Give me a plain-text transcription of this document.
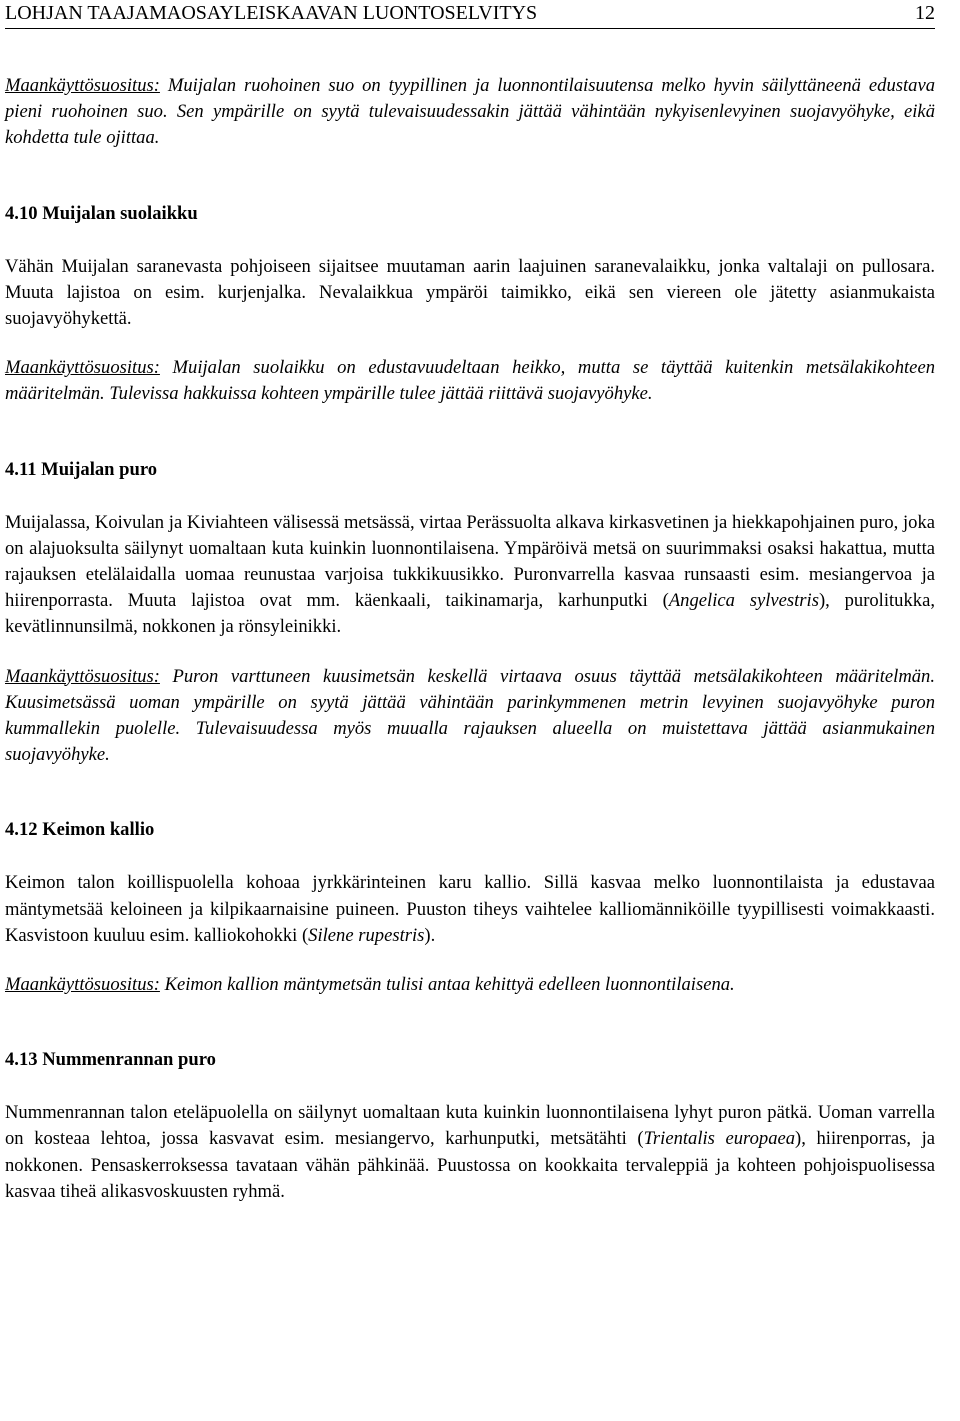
LOHJAN TAAJAMAOSAYLEISKAAVAN LUONTOSELVITYS	12

Maankäyttösuositus: Muijalan ruohoinen suo on tyypillinen ja luonnontilaisuutensa melko hyvin säilyttäneenä edustava pieni ruohoinen suo. Sen ympärille on syytä tulevaisuudessakin jättää vähintään nykyisenlevyinen suojavyöhyke, eikä kohdetta tule ojittaa.

4.10 Muijalan suolaikku

Vähän Muijalan saranevasta pohjoiseen sijaitsee muutaman aarin laajuinen saranevalaikku, jonka valtalaji on pullosara. Muuta lajistoa on esim. kurjenjalka. Nevalaikkua ympäröi taimikko, eikä sen viereen ole jätetty asianmukaista suojavyöhykettä.

Maankäyttösuositus: Muijalan suolaikku on edustavuudeltaan heikko, mutta se täyttää kuitenkin metsälakikohteen määritelmän. Tulevissa hakkuissa kohteen ympärille tulee jättää riittävä suojavyöhyke.

4.11 Muijalan puro

Muijalassa, Koivulan ja Kiviahteen välisessä metsässä, virtaa Perässuolta alkava kirkasvetinen ja hiekkapohjainen puro, joka on alajuoksulta säilynyt uomaltaan kuta kuinkin luonnontilaisena. Ympäröivä metsä on suurimmaksi osaksi hakattua, mutta rajauksen etelälaidalla uomaa reunustaa varjoisa tukkikuusikko. Puronvarrella kasvaa runsaasti esim. mesiangervoa ja hiirenporrasta. Muuta lajistoa ovat mm. käenkaali, taikinamarja, karhunputki (Angelica sylvestris), purolitukka, kevätlinnunsilmä, nokkonen ja rönsyleinikki.

Maankäyttösuositus: Puron varttuneen kuusimetsän keskellä virtaava osuus täyttää metsälakikohteen määritelmän. Kuusimetsässä uoman ympärille on syytä jättää vähintään parinkymmenen metrin levyinen suojavyöhyke puron kummallekin puolelle. Tulevaisuudessa myös muualla rajauksen alueella on muistettava jättää asianmukainen suojavyöhyke.

4.12 Keimon kallio

Keimon talon koillispuolella kohoaa jyrkkärinteinen karu kallio. Sillä kasvaa melko luonnontilaista ja edustavaa mäntymetsää keloineen ja kilpikaarnaisine puineen. Puuston tiheys vaihtelee kalliomänniköille tyypillisesti voimakkaasti. Kasvistoon kuuluu esim. kalliokohokki (Silene rupestris).

Maankäyttösuositus: Keimon kallion mäntymetsän tulisi antaa kehittyä edelleen luonnontilaisena.

4.13 Nummenrannan puro

Nummenrannan talon eteläpuolella on säilynyt uomaltaan kuta kuinkin luonnontilaisena lyhyt puron pätkä. Uoman varrella on kosteaa lehtoa, jossa kasvavat esim. mesiangervo, karhunputki, metsätähti (Trientalis europaea), hiirenporras, ja nokkonen. Pensaskerroksessa tavataan vähän pähkinää. Puustossa on kookkaita tervaleppiä ja kohteen pohjoispuolisessa kasvaa tiheä alikasvoskuusten ryhmä.
